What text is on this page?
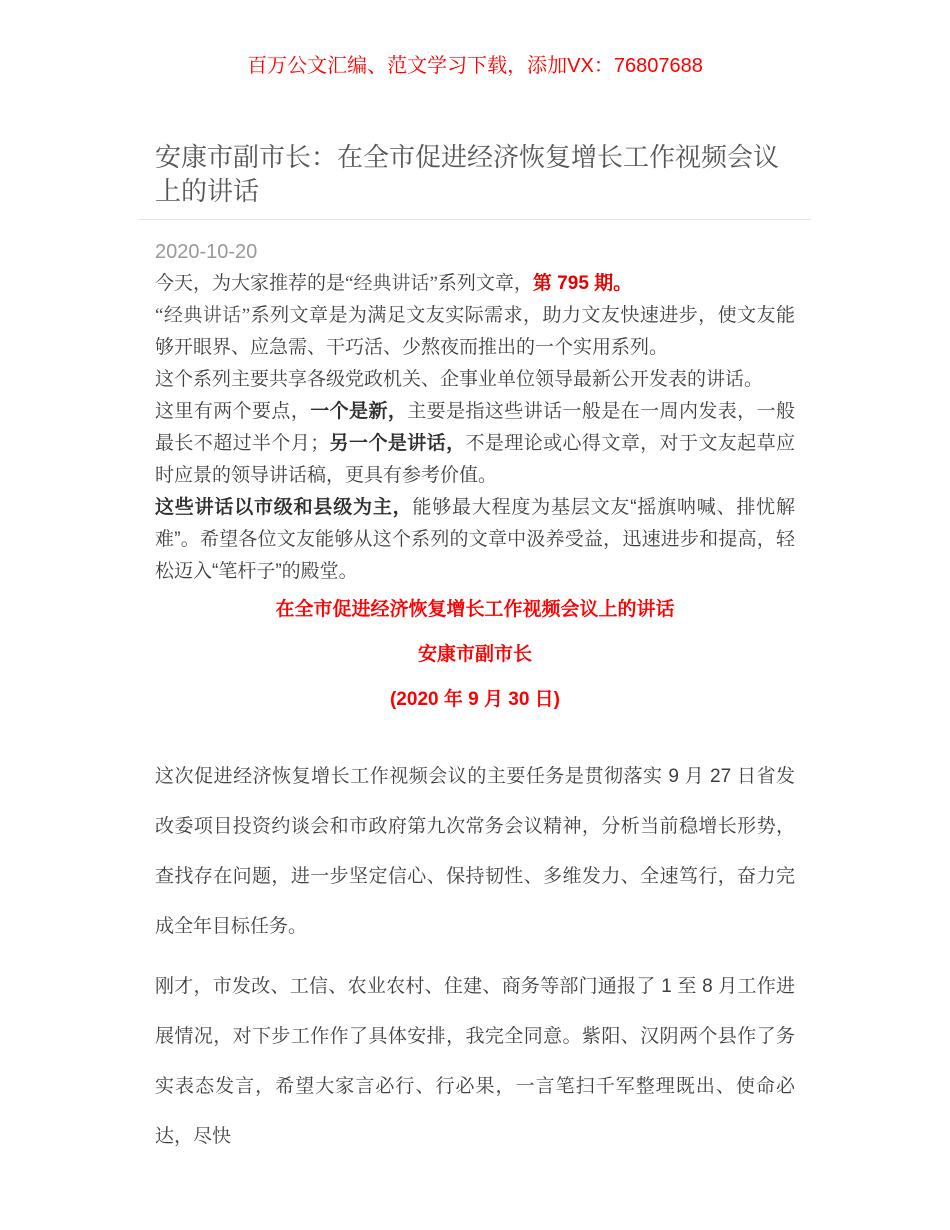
百万公文汇编、范文学习下载，添加VX：76807688
安康市副市长：在全市促进经济恢复增长工作视频会议上的讲话
2020-10-20

今天，为大家推荐的是“经典讲话”系列文章，第 795 期。

“经典讲话”系列文章是为满足文友实际需求，助力文友快速进步，使文友能够开眼界、应急需、干巧活、少熬夜而推出的一个实用系列。

这个系列主要共享各级党政机关、企事业单位领导最新公开发表的讲话。

这里有两个要点，一个是新，主要是指这些讲话一般是在一周内发表，一般最长不超过半个月；另一个是讲话，不是理论或心得文章，对于文友起草应时应景的领导讲话稿，更具有参考价值。

这些讲话以市级和县级为主，能够最大程度为基层文友“摇旗呐喊、排忧解难”。希望各位文友能够从这个系列的文章中汲养受益，迅速进步和提高，轻松迈入“笔杆子”的殿堂。

在全市促进经济恢复增长工作视频会议上的讲话

安康市副市长

(2020 年 9 月 30 日)

这次促进经济恢复增长工作视频会议的主要任务是贯彻落实 9 月 27 日省发改委项目投资约谈会和市政府第九次常务会议精神，分析当前稳增长形势，查找存在问题，进一步坚定信心、保持韧性、多维发力、全速笃行，奋力完成全年目标任务。

刚才，市发改、工信、农业农村、住建、商务等部门通报了 1 至 8 月工作进展情况，对下步工作作了具体安排，我完全同意。紫阳、汉阴两个县作了务实表态发言，希望大家言必行、行必果，一言笔扫千军整理既出、使命必达，尽快
